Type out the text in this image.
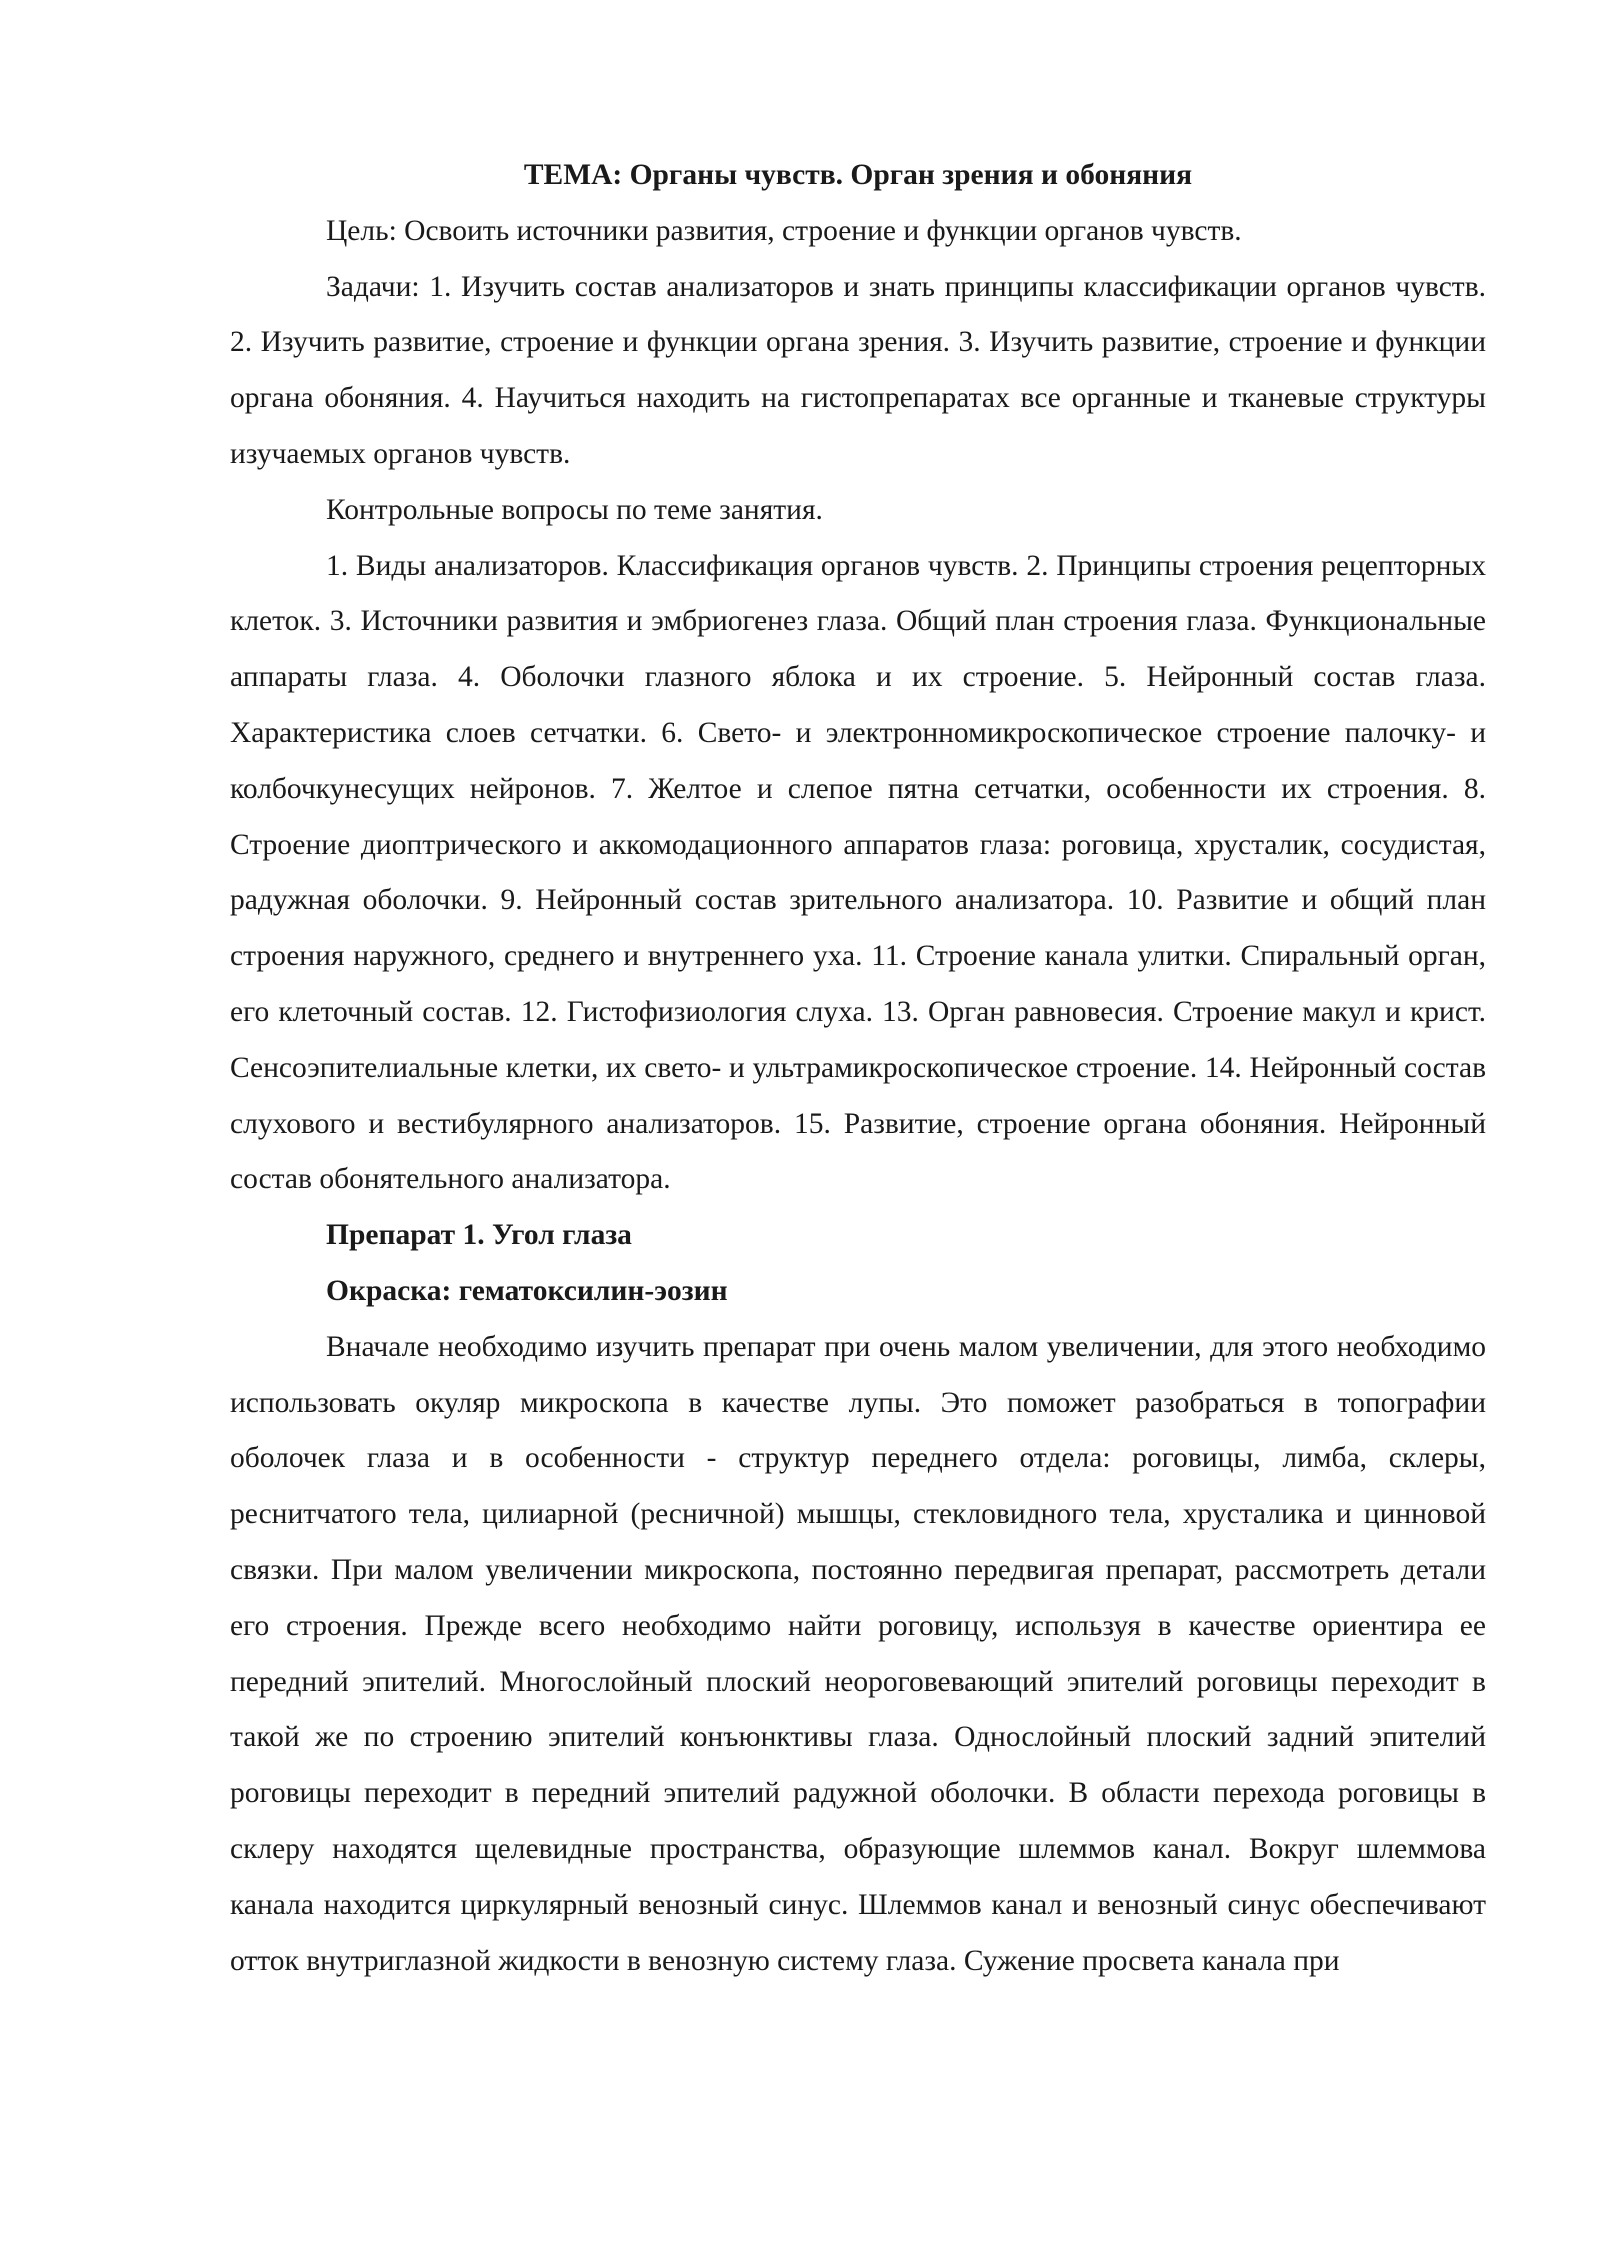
ТЕМА: Органы чувств. Орган зрения и обоняния

Цель: Освоить источники развития, строение и функции органов чувств.

Задачи: 1. Изучить состав анализаторов и знать принципы классификации органов чувств. 2. Изучить развитие, строение и функции органа зрения. 3. Изучить развитие, строение и функции органа обоняния. 4. Научиться находить на гистопрепаратах все органные и тканевые структуры изучаемых органов чувств.

Контрольные вопросы по теме занятия.

1. Виды анализаторов. Классификация органов чувств. 2. Принципы строения рецепторных клеток. 3. Источники развития и эмбриогенез глаза. Общий план строения глаза. Функциональные аппараты глаза. 4. Оболочки глазного яблока и их строение. 5. Нейронный состав глаза. Характеристика слоев сетчатки. 6. Свето- и электронномикроскопическое строение палочку- и колбочкунесущих нейронов. 7. Желтое и слепое пятна сетчатки, особенности их строения. 8. Строение диоптрического и аккомодационного аппаратов глаза: роговица, хрусталик, сосудистая, радужная оболочки. 9. Нейронный состав зрительного анализатора. 10. Развитие и общий план строения наружного, среднего и внутреннего уха. 11. Строение канала улитки. Спиральный орган, его клеточный состав. 12. Гистофизиология слуха. 13. Орган равновесия. Строение макул и крист. Сенсоэпителиальные клетки, их свето- и ультрамикроскопическое строение. 14. Нейронный состав слухового и вестибулярного анализаторов. 15. Развитие, строение органа обоняния. Нейронный состав обонятельного анализатора.

Препарат 1. Угол глаза

Окраска: гематоксилин-эозин

Вначале необходимо изучить препарат при очень малом увеличении, для этого необходимо использовать окуляр микроскопа в качестве лупы. Это поможет разобраться в топографии оболочек глаза и в особенности - структур переднего отдела: роговицы, лимба, склеры, реснитчатого тела, цилиарной (ресничной) мышцы, стекловидного тела, хрусталика и цинновой связки. При малом увеличении микроскопа, постоянно передвигая препарат, рассмотреть детали его строения. Прежде всего необходимо найти роговицу, используя в качестве ориентира ее передний эпителий. Многослойный плоский неороговевающий эпителий роговицы переходит в такой же по строению эпителий конъюнктивы глаза. Однослойный плоский задний эпителий роговицы переходит в передний эпителий радужной оболочки. В области перехода роговицы в склеру находятся щелевидные пространства, образующие шлеммов канал. Вокруг шлеммова канала находится циркулярный венозный синус. Шлеммов канал и венозный синус обеспечивают отток внутриглазной жидкости в венозную систему глаза. Сужение просвета канала при
